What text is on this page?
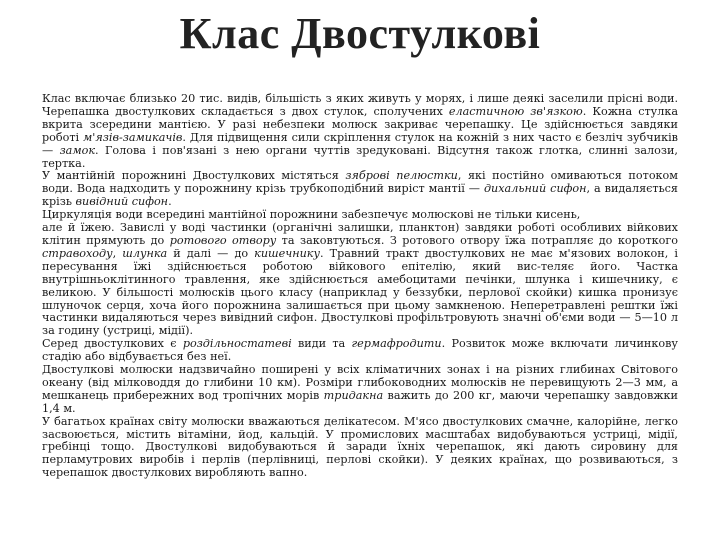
Клас Двостулкові

Клас включає близько 20 тис. видів, більшість з яких живуть у морях, і лише деякі заселили прісні води. Черепашка двостулкових складається з двох стулок, сполучених еластичною зв'язкою. Кожна стулка вкрита зсередини мантією. У разі небезпеки молюск закриває черепашку. Це здійснюється завдяки роботі м'язів-замикачів. Для підвищення сили скріплення стулок на кожній з них часто є безліч зубчиків — замок. Голова і пов'язані з нею органи чуттів зредуковані. Відсутня також глотка, слинні залози, тертка.

У мантійній порожнині Двостулкових містяться зяброві пелюстки, які постійно омиваються потоком води. Вода надходить у порожнину крізь трубкоподібний виріст мантії — дихальний сифон, а видаляється крізь вивідний сифон.

Циркуляція води всередині мантійної порожнини забезпечує молюскові не тільки кисень,

але й їжею. Завислі у воді частинки (органічні залишки, планктон) завдяки роботі особливих війкових клітин прямують до ротового отвору та заковтуються. З ротового отвору їжа потрапляє до короткого стравоходу, шлунка й далі — до кишечнику. Травний тракт двостулкових не має м'язових волокон, і пересування їжі здійснюється роботою війкового епітелію, який вис-теляє його. Частка внутрішньоклітинного травлення, яке здійснюється амебоцитами печінки, шлунка і кишечнику, є великою. У більшості молюсків цього класу (наприклад у беззубки, перлової скойки) кишка пронизує шлуночок серця, хоча його порожнина залишається при цьому замкненою. Неперетравлені рештки їжі частинки видаляються через вивідний сифон. Двостулкові профільтровують значні об'єми води — 5—10 л за годину (устриці, мідії).

Серед двостулкових є роздільностатеві види та гермафродити. Розвиток може включати личинкову стадію або відбувається без неї.

Двостулкові молюски надзвичайно поширені у всіх кліматичних зонах і на різних глибинах Світового океану (від мілководдя до глибини 10 км). Розміри глибоководних молюсків не перевищують 2—3 мм, а мешканець прибережних вод тропічних морів тридакна важить до 200 кг, маючи черепашку завдовжки 1,4 м.

У багатьох країнах світу молюски вважаються делікатесом. М'ясо двостулкових смачне, калорійне, легко засвоюється, містить вітаміни, йод, кальцій. У промислових масштабах видобуваються устриці, мідії, гребінці тощо. Двостулкові видобуваються й заради їхніх черепашок, які дають сировину для перламутрових виробів і перлів (перлівниці, перлові скойки). У деяких країнах, що розвиваються, з черепашок двостулкових виробляють вапно.
